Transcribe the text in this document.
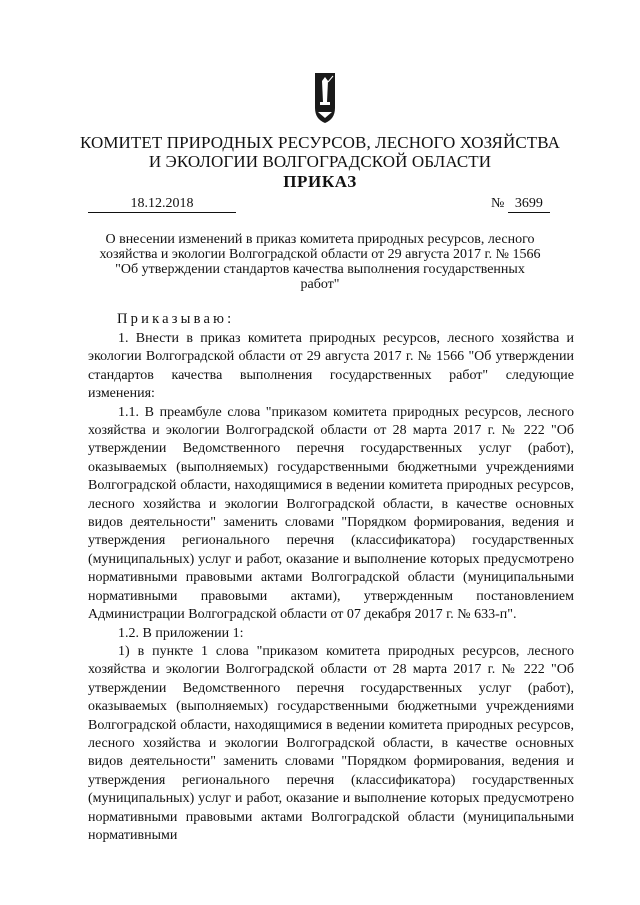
КОМИТЕТ ПРИРОДНЫХ РЕСУРСОВ, ЛЕСНОГО ХОЗЯЙСТВА
И ЭКОЛОГИИ ВОЛГОГРАДСКОЙ ОБЛАСТИ
ПРИКАЗ
18.12.2018	№ 3699
О внесении изменений в приказ комитета природных ресурсов, лесного
хозяйства и экологии Волгоградской области от 29 августа 2017 г. № 1566
"Об утверждении стандартов качества выполнения государственных
работ"
Приказываю:

1. Внести в приказ комитета природных ресурсов, лесного хозяйства и экологии Волгоградской области от 29 августа 2017 г. № 1566 "Об утверждении стандартов качества выполнения государственных работ" следующие изменения:

1.1. В преамбуле слова "приказом комитета природных ресурсов, лесного хозяйства и экологии Волгоградской области от 28 марта 2017 г. № 222 "Об утверждении Ведомственного перечня государственных услуг (работ), оказываемых (выполняемых) государственными бюджетными учреждениями Волгоградской области, находящимися в ведении комитета природных ресурсов, лесного хозяйства и экологии Волгоградской области, в качестве основных видов деятельности" заменить словами "Порядком формирования, ведения и утверждения регионального перечня (классификатора) государственных (муниципальных) услуг и работ, оказание и выполнение которых предусмотрено нормативными правовыми актами Волгоградской области (муниципальными нормативными правовыми актами), утвержденным постановлением Администрации Волгоградской области от 07 декабря 2017 г. № 633-п".

1.2. В приложении 1:

1) в пункте 1 слова "приказом комитета природных ресурсов, лесного хозяйства и экологии Волгоградской области от 28 марта 2017 г. № 222 "Об утверждении Ведомственного перечня государственных услуг (работ), оказываемых (выполняемых) государственными бюджетными учреждениями Волгоградской области, находящимися в ведении комитета природных ресурсов, лесного хозяйства и экологии Волгоградской области, в качестве основных видов деятельности" заменить словами "Порядком формирования, ведения и утверждения регионального перечня (классификатора) государственных (муниципальных) услуг и работ, оказание и выполнение которых предусмотрено нормативными правовыми актами Волгоградской области (муниципальными нормативными
